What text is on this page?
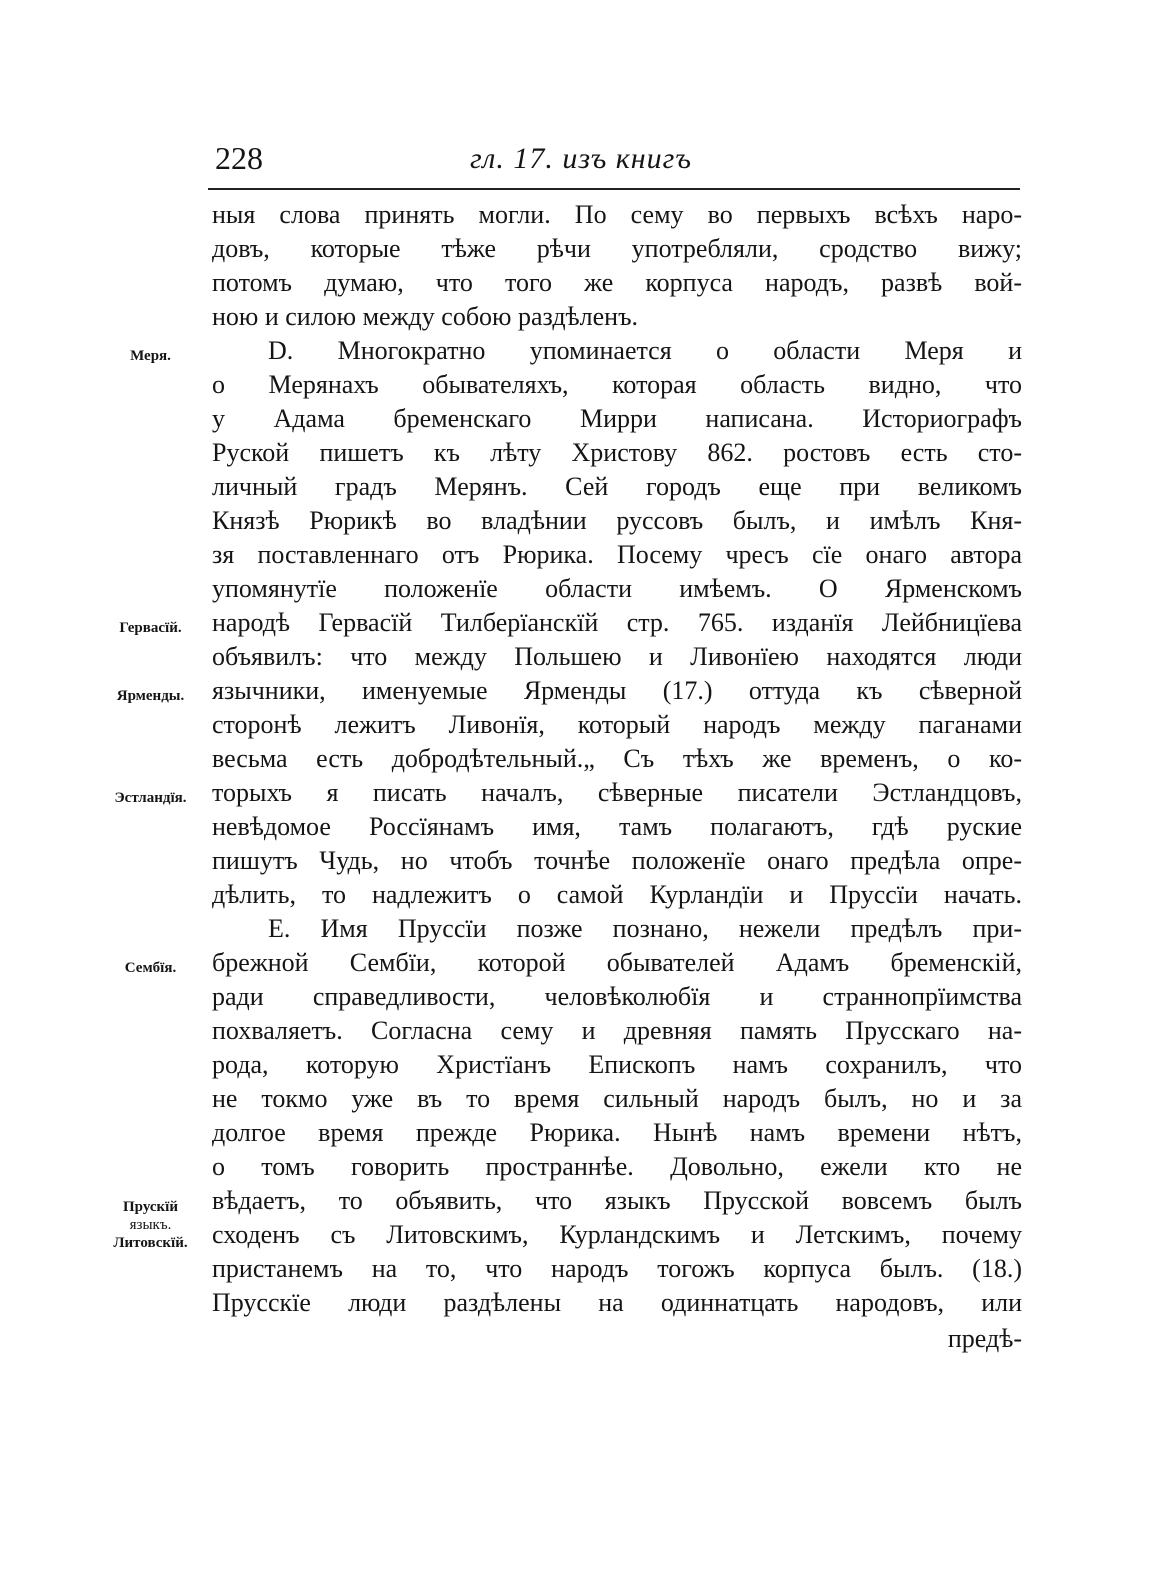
228	гл. 17. изъ книгъ
ныя слова принять могли. По сему во первыхъ всѣхъ наро-
довъ, которые тѣже рѣчи употребляли, сродство вижу;
потомъ думаю, что того же корпуса народъ, развѣ вой-
ною и силою между собою раздѣленъ.
D. Многократно упоминается о области Меря и
о Мерянахъ обывателяхъ, которая область видно, что
у Адама бременскаго Мирри написана. Историографъ
Руской пишетъ къ лѣту Христову 862. ростовъ есть сто-
личный градъ Мерянъ. Сей городъ еще при великомъ
Князѣ Рюрикѣ во владѣнии руссовъ былъ, и имѣлъ Кня-
зя поставленнаго отъ Рюрика. Посему чресъ сїе онаго автора
упомянутїе положенїе области имѣемъ. О Ярменскомъ
народѣ Гервасїй Тилберїанскїй стр. 765. изданїя Лейбницїева
объявилъ: что между Польшею и Ливонїею находятся люди
язычники, именуемые Ярменды (17.) оттуда къ сѣверной
сторонѣ лежитъ Ливонїя, который народъ между паганами
весьма есть добродѣтельный.„ Съ тѣхъ же временъ, о ко-
торыхъ я писать началъ, сѣверные писатели Эстландцовъ,
невѣдомое Россїянамъ имя, тамъ полагаютъ, гдѣ руские
пишутъ Чудь, но чтобъ точнѣе положенїе онаго предѣла опре-
дѣлить, то надлежитъ о самой Курландїи и Пруссїи начать.
E. Имя Пруссїи позже познано, нежели предѣлъ при-
брежной Сембїи, которой обывателей Адамъ бременскій,
ради справедливости, человѣколюбїя и страннопрїимства
похваляетъ. Согласна сему и древняя память Прусскаго на-
рода, которую Христїанъ Епископъ намъ сохранилъ, что
не токмо уже въ то время сильный народъ былъ, но и за
долгое время прежде Рюрика. Нынѣ намъ времени нѣтъ,
о томъ говорить пространнѣе. Довольно, ежели кто не
вѣдаетъ, то объявить, что языкъ Прусской вовсемъ былъ
сходенъ съ Литовскимъ, Курландскимъ и Летскимъ, почему
пристанемъ на то, что народъ тогожъ корпуса былъ. (18.)
Прусскїе люди раздѣлены на одиннатцать народовъ, или
предѣ-
Меря.
Гервасїй.
Ярменды.
Эстландїя.
Сембїя.
Прускїй
языкъ.
Литовскїй.
